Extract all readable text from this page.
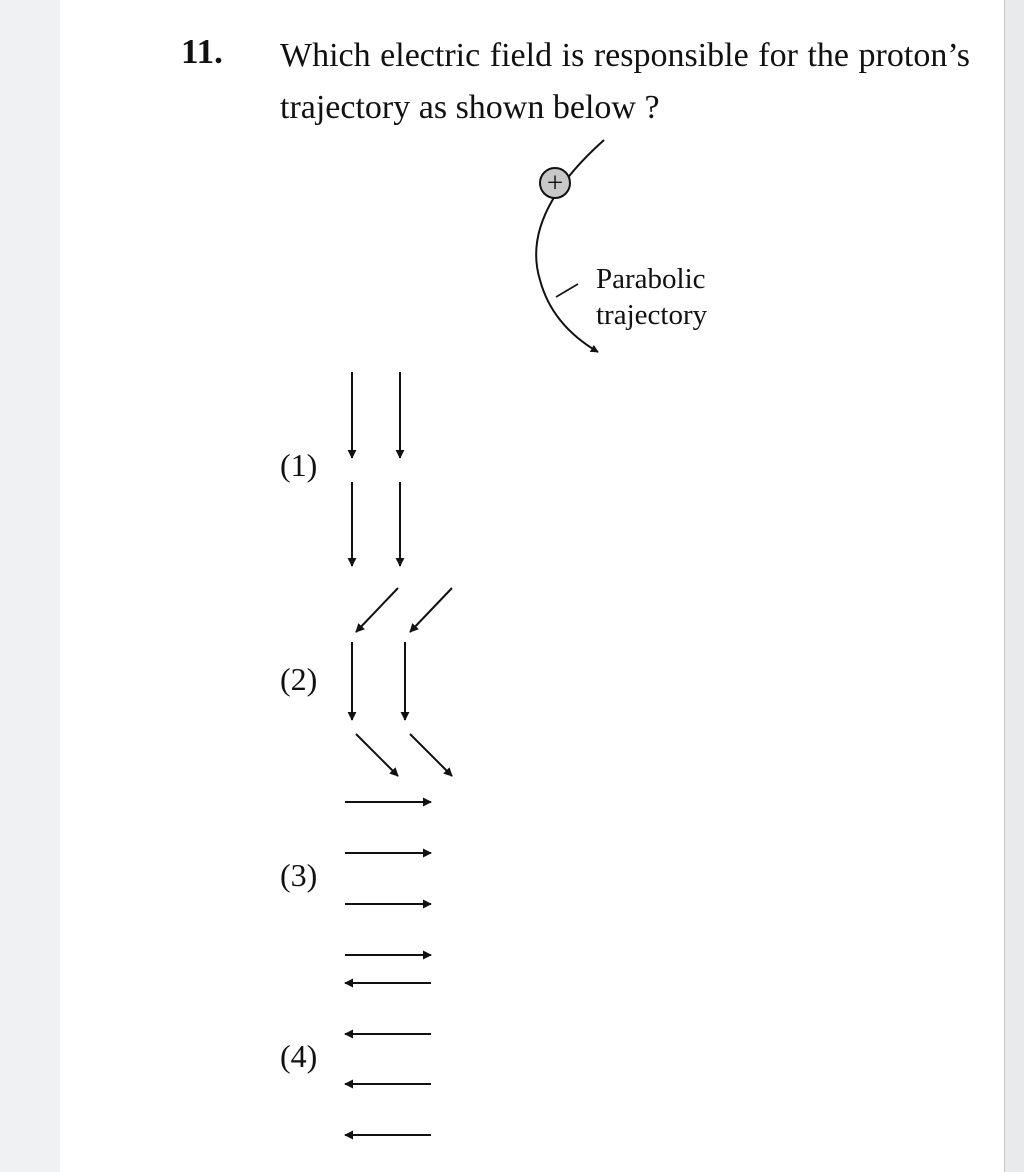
11. Which electric field is responsible for the proton’s trajectory as shown below ?
+
Parabolic
trajectory
(1)
(2)
(3)
(4)
